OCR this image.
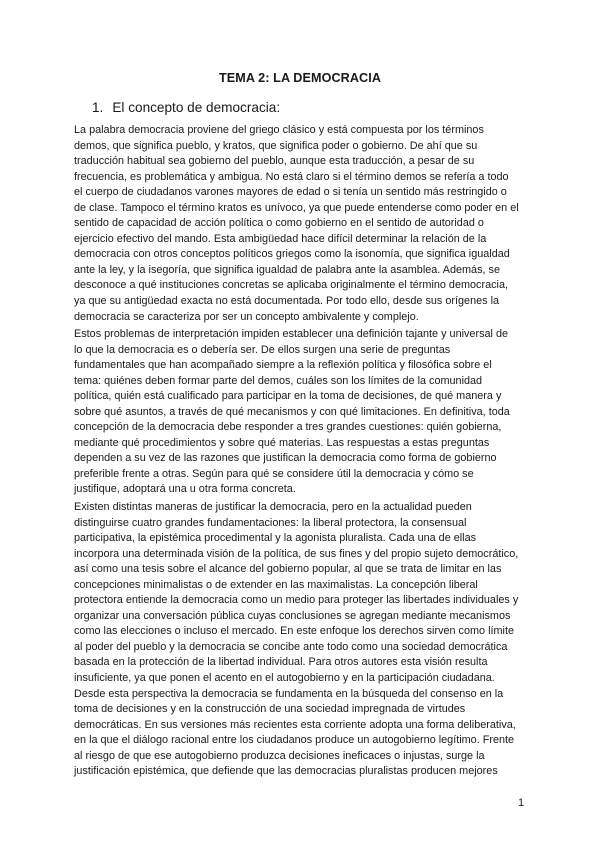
TEMA 2: LA DEMOCRACIA
1. El concepto de democracia:
La palabra democracia proviene del griego clásico y está compuesta por los términos
demos, que significa pueblo, y kratos, que significa poder o gobierno. De ahí que su
traducción habitual sea gobierno del pueblo, aunque esta traducción, a pesar de su
frecuencia, es problemática y ambigua. No está claro si el término demos se refería a todo
el cuerpo de ciudadanos varones mayores de edad o si tenía un sentido más restringido o
de clase. Tampoco el término kratos es unívoco, ya que puede entenderse como poder en el
sentido de capacidad de acción política o como gobierno en el sentido de autoridad o
ejercicio efectivo del mando. Esta ambigüedad hace difícil determinar la relación de la
democracia con otros conceptos políticos griegos como la isonomía, que significa igualdad
ante la ley, y la isegoría, que significa igualdad de palabra ante la asamblea. Además, se
desconoce a qué instituciones concretas se aplicaba originalmente el término democracia,
ya que su antigüedad exacta no está documentada. Por todo ello, desde sus orígenes la
democracia se caracteriza por ser un concepto ambivalente y complejo.
Estos problemas de interpretación impiden establecer una definición tajante y universal de
lo que la democracia es o debería ser. De ellos surgen una serie de preguntas
fundamentales que han acompañado siempre a la reflexión política y filosófica sobre el
tema: quiénes deben formar parte del demos, cuáles son los límites de la comunidad
política, quién está cualificado para participar en la toma de decisiones, de qué manera y
sobre qué asuntos, a través de qué mecanismos y con qué limitaciones. En definitiva, toda
concepción de la democracia debe responder a tres grandes cuestiones: quién gobierna,
mediante qué procedimientos y sobre qué materias. Las respuestas a estas preguntas
dependen a su vez de las razones que justifican la democracia como forma de gobierno
preferible frente a otras. Según para qué se considere útil la democracia y cómo se
justifique, adoptará una u otra forma concreta.
Existen distintas maneras de justificar la democracia, pero en la actualidad pueden
distinguirse cuatro grandes fundamentaciones: la liberal protectora, la consensual
participativa, la epistémica procedimental y la agonista pluralista. Cada una de ellas
incorpora una determinada visión de la política, de sus fines y del propio sujeto democrático,
así como una tesis sobre el alcance del gobierno popular, al que se trata de limitar en las
concepciones minimalistas o de extender en las maximalistas. La concepción liberal
protectora entiende la democracia como un medio para proteger las libertades individuales y
organizar una conversación pública cuyas conclusiones se agregan mediante mecanismos
como las elecciones o incluso el mercado. En este enfoque los derechos sirven como límite
al poder del pueblo y la democracia se concibe ante todo como una sociedad democrática
basada en la protección de la libertad individual. Para otros autores esta visión resulta
insuficiente, ya que ponen el acento en el autogobierno y en la participación ciudadana.
Desde esta perspectiva la democracia se fundamenta en la búsqueda del consenso en la
toma de decisiones y en la construcción de una sociedad impregnada de virtudes
democráticas. En sus versiones más recientes esta corriente adopta una forma deliberativa,
en la que el diálogo racional entre los ciudadanos produce un autogobierno legítimo. Frente
al riesgo de que ese autogobierno produzca decisiones ineficaces o injustas, surge la
justificación epistémica, que defiende que las democracias pluralistas producen mejores
1
